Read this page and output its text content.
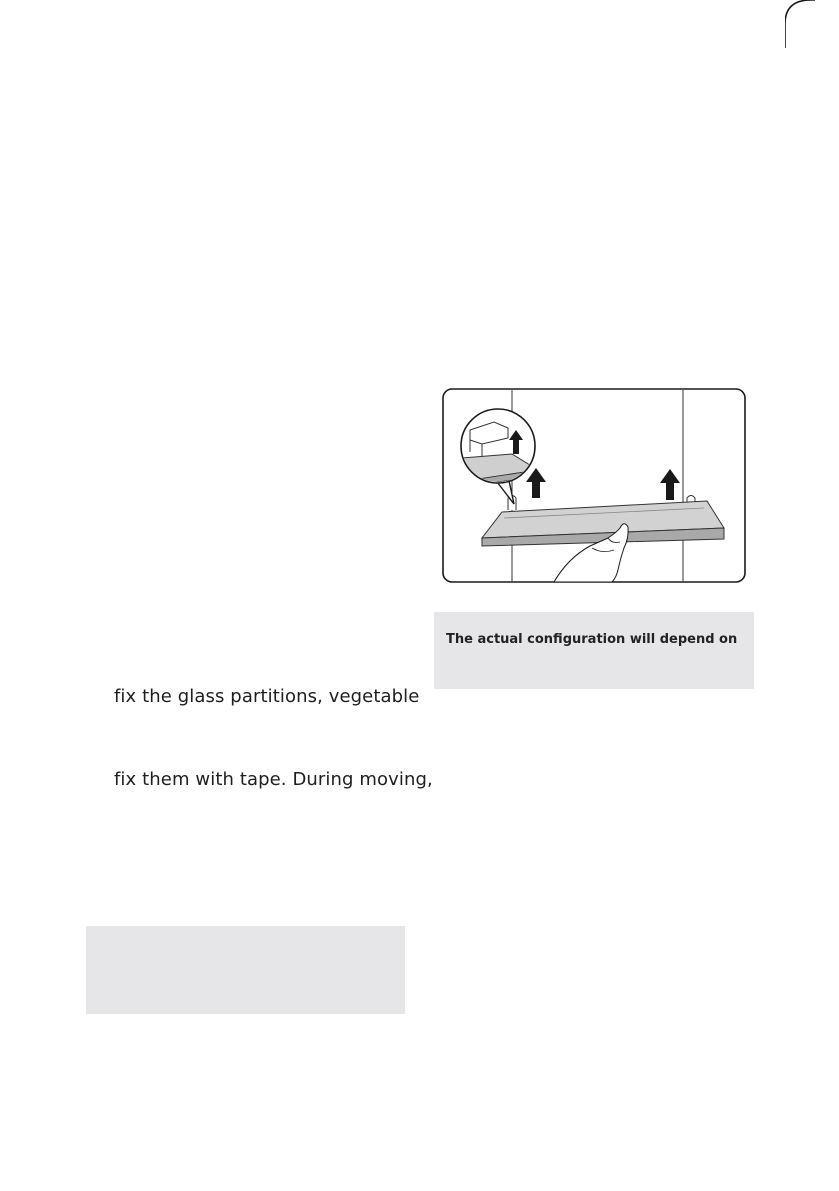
fix the glass partitions, vegetable
fix them with tape. During moving,
The actual configuration will depend on
